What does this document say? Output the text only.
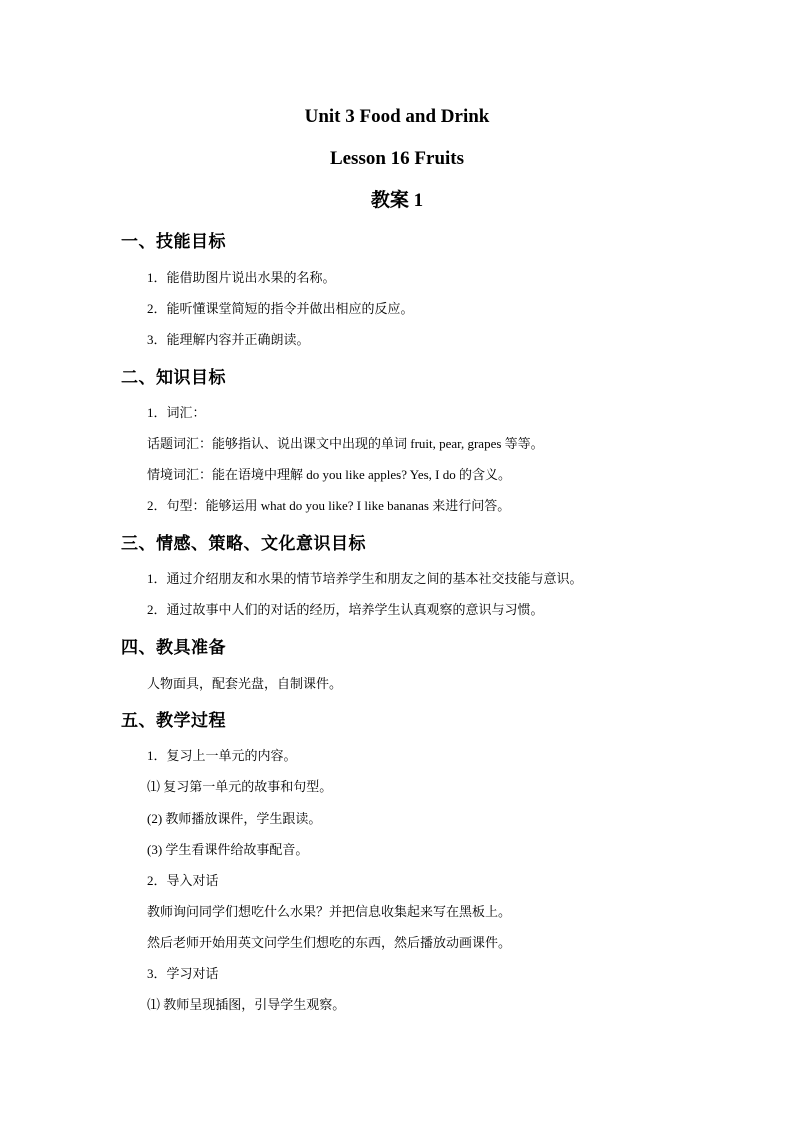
Unit 3 Food and Drink
Lesson 16 Fruits
教案 1
一、技能目标
1．能借助图片说出水果的名称。
2．能听懂课堂简短的指令并做出相应的反应。
3．能理解内容并正确朗读。
二、知识目标
1．词汇：
话题词汇：能够指认、说出课文中出现的单词 fruit, pear, grapes 等等。
情境词汇：能在语境中理解 do you like apples? Yes, I do 的含义。
2．句型：能够运用 what do you like? I like bananas 来进行问答。
三、情感、策略、文化意识目标
1．通过介绍朋友和水果的情节培养学生和朋友之间的基本社交技能与意识。
2．通过故事中人们的对话的经历，培养学生认真观察的意识与习惯。
四、教具准备
人物面具，配套光盘，自制课件。
五、教学过程
1．复习上一单元的内容。
⑴ 复习第一单元的故事和句型。
(2) 教师播放课件，学生跟读。
(3) 学生看课件给故事配音。
2．导入对话
教师询问同学们想吃什么水果？并把信息收集起来写在黑板上。
然后老师开始用英文问学生们想吃的东西，然后播放动画课件。
3．学习对话
⑴ 教师呈现插图，引导学生观察。
